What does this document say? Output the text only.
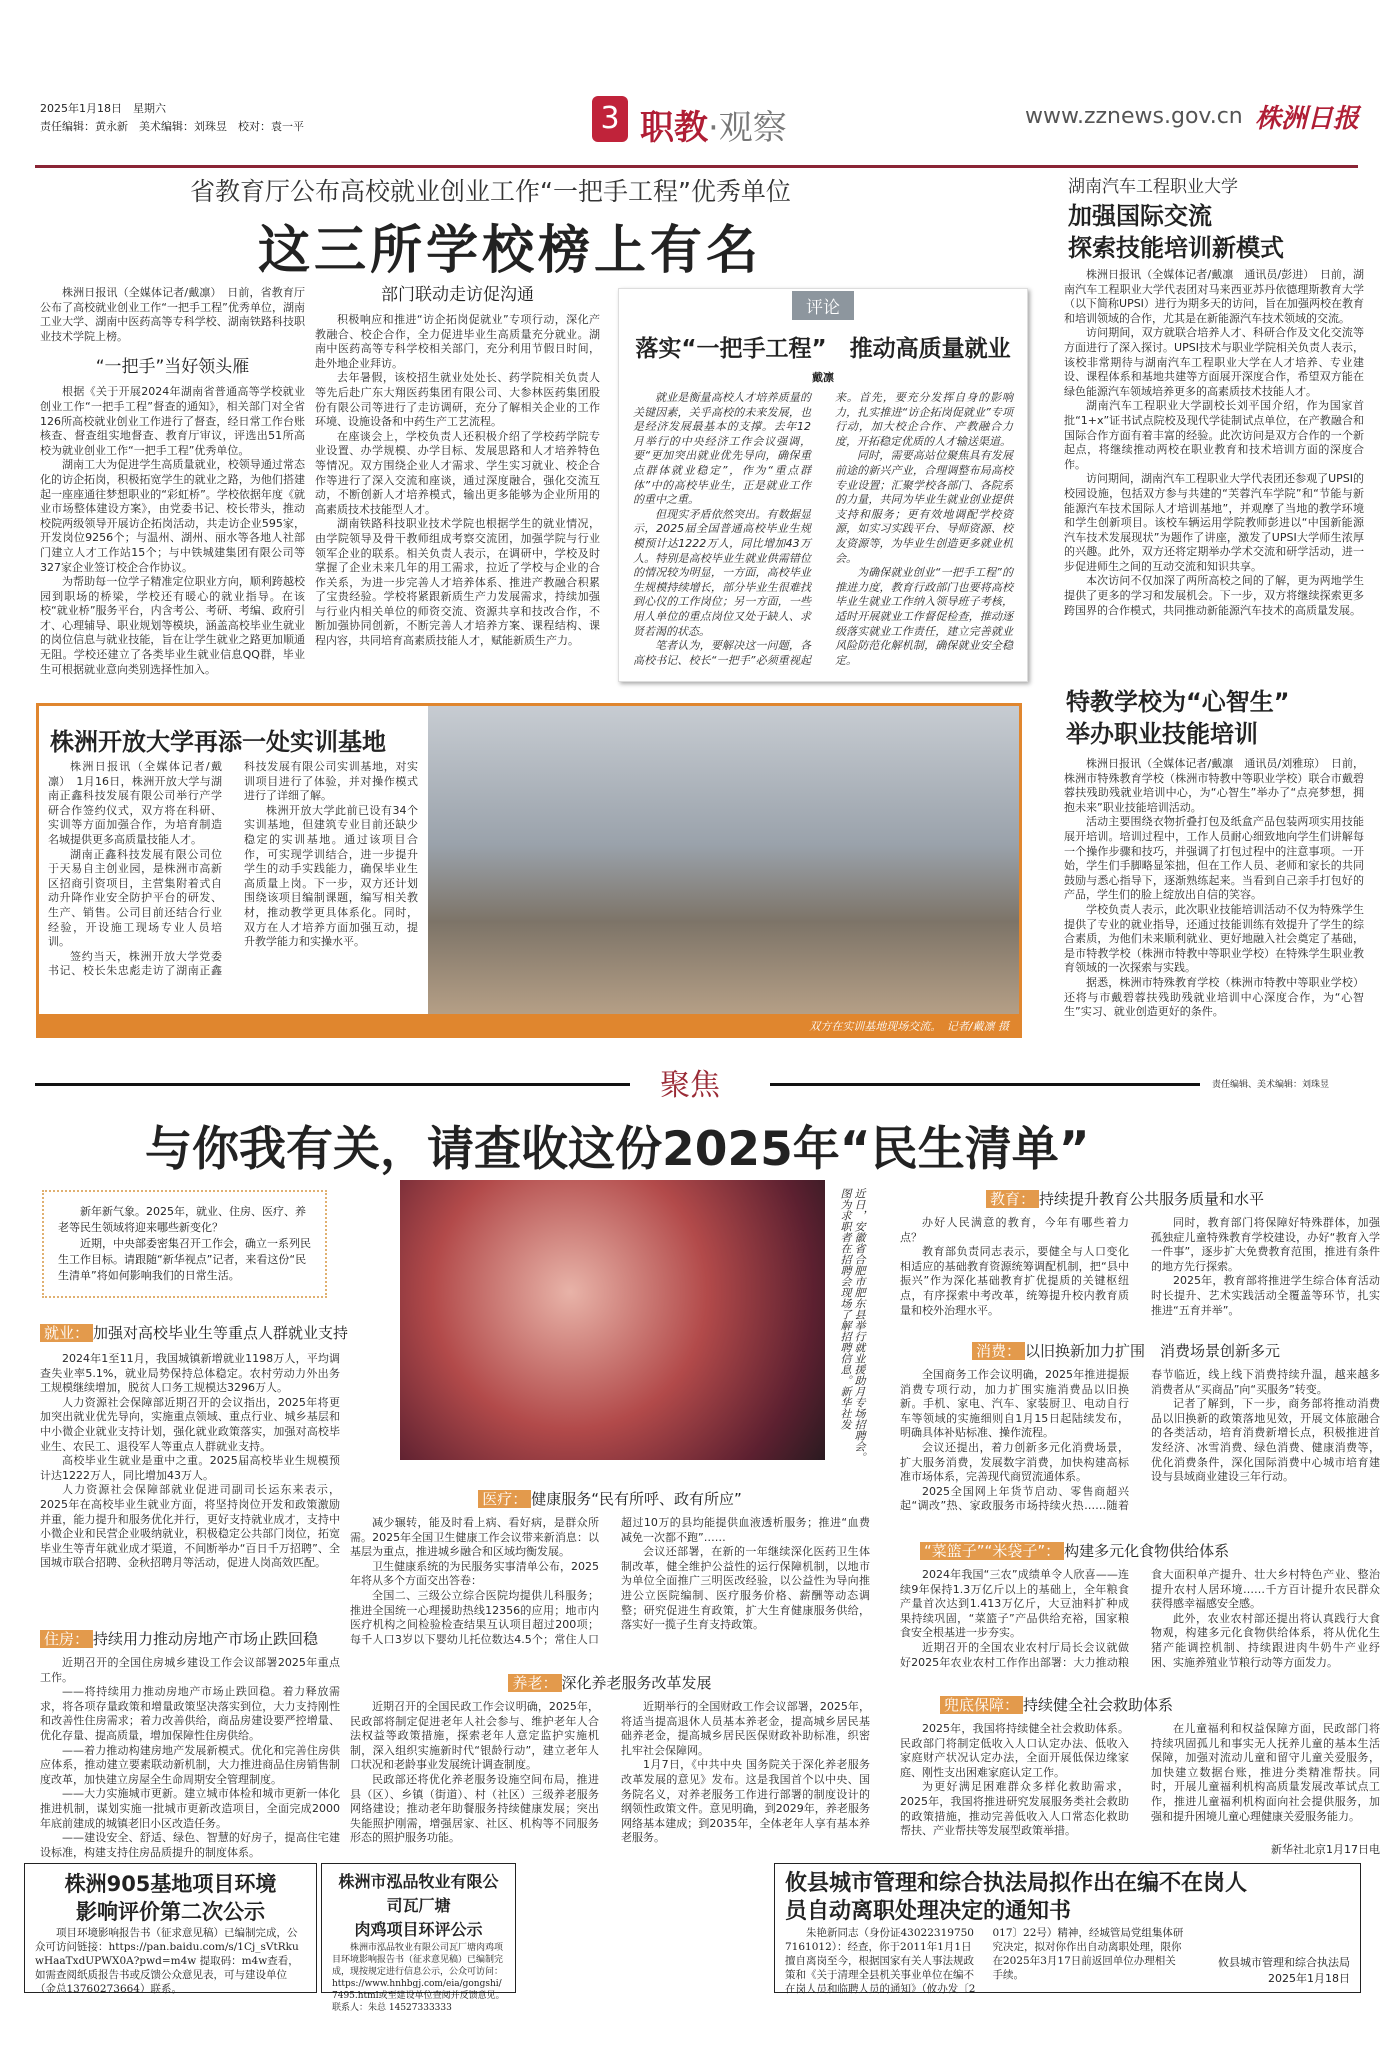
2025年1月18日　星期六
责任编辑：黄永新　美术编辑：刘珠昱　校对：袁一平	3 职教·观察	www.zznews.gov.cn 株洲日报
省教育厅公布高校就业创业工作“一把手工程”优秀单位
这三所学校榜上有名

株洲日报讯（全媒体记者/戴凛）　日前，省教育厅公布了高校就业创业工作“一把手工程”优秀单位，湖南工业大学、湖南中医药高等专科学校、湖南铁路科技职业技术学院上榜。

“一把手”当好领头雁

根据《关于开展2024年湖南省普通高等学校就业创业工作“一把手工程”督查的通知》，相关部门对全省126所高校就业创业工作进行了督查，经日常工作台账核查、督查组实地督查、教育厅审议，评选出51所高校为就业创业工作“一把手工程”优秀单位。

湖南工大为促进学生高质量就业，校领导通过常态化的访企拓岗，积极拓宽学生的就业之路，为他们搭建起一座座通往梦想职业的“彩虹桥”。学校依据年度《就业市场整体建设方案》，由党委书记、校长带头，推动校院两级领导开展访企拓岗活动，共走访企业595家，开发岗位9256个；与温州、湖州、丽水等各地人社部门建立人才工作站15个；与中铁城建集团有限公司等327家企业签订校企合作协议。

为帮助每一位学子精准定位职业方向，顺利跨越校园到职场的桥梁，学校还有暖心的就业指导。在该校“就业桥”服务平台，内含考公、考研、考编、政府引才、心理辅导、职业规划等模块，涵盖高校毕业生就业的岗位信息与就业技能，旨在让学生就业之路更加顺通无阻。学校还建立了各类毕业生就业信息QQ群，毕业生可根据就业意向类别选择性加入。

部门联动走访促沟通

积极响应和推进“访企拓岗促就业”专项行动，深化产教融合、校企合作，全力促进毕业生高质量充分就业。湖南中医药高等专科学校相关部门，充分利用节假日时间，赴外地企业拜访。

去年暑假，该校招生就业处处长、药学院相关负责人等先后赴广东大翔医药集团有限公司、大参林医药集团股份有限公司等进行了走访调研，充分了解相关企业的工作环境、设施设备和中药生产工艺流程。

在座谈会上，学校负责人还积极介绍了学校药学院专业设置、办学规模、办学目标、发展思路和人才培养特色等情况。双方围绕企业人才需求、学生实习就业、校企合作等进行了深入交流和座谈，通过深度融合，强化交流互动，不断创新人才培养模式，输出更多能够为企业所用的高素质技术技能型人才。

湖南铁路科技职业技术学院也根据学生的就业情况，由学院领导及骨干教师组成考察交流团，加强学院与行业领军企业的联系。相关负责人表示，在调研中，学校及时掌握了企业未来几年的用工需求，拉近了学校与企业的合作关系，为进一步完善人才培养体系、推进产教融合积累了宝贵经验。学校将紧跟新质生产力发展需求，持续加强与行业内相关单位的师资交流、资源共享和技改合作，不断加强协同创新，不断完善人才培养方案、课程结构、课程内容，共同培育高素质技能人才，赋能新质生产力。

评论
落实“一把手工程”　推动高质量就业
戴凛

就业是衡量高校人才培养质量的关键因素，关乎高校的未来发展，也是经济发展最基本的支撑。去年12月举行的中央经济工作会议强调，要“更加突出就业优先导向，确保重点群体就业稳定”，作为“重点群体”中的高校毕业生，正是就业工作的重中之重。

但现实矛盾依然突出。有数据显示，2025届全国普通高校毕业生规模预计达1222万人，同比增加43万人。特别是高校毕业生就业供需错位的情况较为明显，一方面，高校毕业生规模持续增长，部分毕业生很难找到心仪的工作岗位；另一方面，一些用人单位的重点岗位又处于缺人、求贤若渴的状态。

笔者认为，要解决这一问题，各高校书记、校长“一把手”必须重视起来。首先，要充分发挥自身的影响力，扎实推进“访企拓岗促就业”专项行动，加大校企合作、产教融合力度，开拓稳定优质的人才输送渠道。

同时，需要高站位聚焦具有发展前途的新兴产业，合理调整布局高校专业设置；汇聚学校各部门、各院系的力量，共同为毕业生就业创业提供支持和服务；更有效地调配学校资源，如实习实践平台、导师资源、校友资源等，为毕业生创造更多就业机会。

为确保就业创业“一把手工程”的推进力度，教育行政部门也要将高校毕业生就业工作纳入领导班子考核，适时开展就业工作督促检查，推动逐级落实就业工作责任，建立完善就业风险防范化解机制，确保就业安全稳定。

湖南汽车工程职业大学
加强国际交流
探索技能培训新模式

株洲日报讯（全媒体记者/戴凛　通讯员/彭进）　日前，湖南汽车工程职业大学代表团对马来西亚苏丹依德理斯教育大学（以下简称UPSI）进行为期多天的访问，旨在加强两校在教育和培训领域的合作，尤其是在新能源汽车技术领域的交流。

访问期间，双方就联合培养人才、科研合作及文化交流等方面进行了深入探讨。UPSI技术与职业学院相关负责人表示，该校非常期待与湖南汽车工程职业大学在人才培养、专业建设、课程体系和基地共建等方面展开深度合作，希望双方能在绿色能源汽车领域培养更多的高素质技术技能人才。

湖南汽车工程职业大学副校长刘平国介绍，作为国家首批“1+x”证书试点院校及现代学徒制试点单位，在产教融合和国际合作方面有着丰富的经验。此次访问是双方合作的一个新起点，将继续推动两校在职业教育和技术培训方面的深度合作。

访问期间，湖南汽车工程职业大学代表团还参观了UPSI的校园设施，包括双方参与共建的“芙蓉汽车学院”和“节能与新能源汽车技术国际人才培训基地”，并观摩了当地的教学环境和学生创新项目。该校车辆运用学院教师彭进以“中国新能源汽车技术发展现状”为题作了讲座，激发了UPSI大学师生浓厚的兴趣。此外，双方还将定期举办学术交流和研学活动，进一步促进师生之间的互动交流和知识共享。

本次访问不仅加深了两所高校之间的了解，更为两地学生提供了更多的学习和发展机会。下一步，双方将继续探索更多跨国界的合作模式，共同推动新能源汽车技术的高质量发展。

特教学校为“心智生”
举办职业技能培训

株洲日报讯（全媒体记者/戴凛　通讯员/刘雅琼）　日前，株洲市特殊教育学校（株洲市特教中等职业学校）联合市戴碧蓉扶残助残就业培训中心，为“心智生”举办了“点亮梦想，拥抱未来”职业技能培训活动。

活动主要围绕衣物折叠打包及纸盒产品包装两项实用技能展开培训。培训过程中，工作人员耐心细致地向学生们讲解每一个操作步骤和技巧，并强调了打包过程中的注意事项。一开始，学生们手脚略显笨拙，但在工作人员、老师和家长的共同鼓励与悉心指导下，逐渐熟练起来。当看到自己亲手打包好的产品，学生们的脸上绽放出自信的笑容。

学校负责人表示，此次职业技能培训活动不仅为特殊学生提供了专业的就业指导，还通过技能训练有效提升了学生的综合素质，为他们未来顺利就业、更好地融入社会奠定了基础，是市特教学校（株洲市特教中等职业学校）在特殊学生职业教育领域的一次探索与实践。

据悉，株洲市特殊教育学校（株洲市特教中等职业学校）还将与市戴碧蓉扶残助残就业培训中心深度合作，为“心智生”实习、就业创造更好的条件。

株洲开放大学再添一处实训基地

株洲日报讯（全媒体记者/戴凛）　1月16日，株洲开放大学与湖南正鑫科技发展有限公司举行产学研合作签约仪式，双方将在科研、实训等方面加强合作，为培育制造名城提供更多高质量技能人才。

湖南正鑫科技发展有限公司位于天易自主创业园，是株洲市高新区招商引资项目，主营集附着式自动升降作业安全防护平台的研发、生产、销售。公司目前还结合行业经验，开设施工现场专业人员培训。

签约当天，株洲开放大学党委书记、校长朱忠彪走访了湖南正鑫科技发展有限公司实训基地，对实训项目进行了体验，并对操作模式进行了详细了解。

株洲开放大学此前已设有34个实训基地，但建筑专业目前还缺少稳定的实训基地。通过该项目合作，可实现学训结合，进一步提升学生的动手实践能力，确保毕业生高质量上岗。下一步，双方还计划围绕该项目编制课题，编写相关教材，推动教学更具体系化。同时，双方在人才培养方面加强互动，提升教学能力和实操水平。

双方在实训基地现场交流。　记者/戴凛 摄
聚焦	责任编辑、美术编辑：刘珠昱
与你我有关，请查收这份2025年“民生清单”

新年新气象。2025年，就业、住房、医疗、养老等民生领域将迎来哪些新变化？

近期，中央部委密集召开工作会，确立一系列民生工作目标。请跟随“新华视点”记者，来看这份“民生清单”将如何影响我们的日常生活。	近日，安徽省合肥市肥东县举行就业援助月专场招聘会。图为求职者在招聘会现场了解招聘信息。新华社发
就业： 加强对高校毕业生等重点人群就业支持

2024年1至11月，我国城镇新增就业1198万人，平均调查失业率5.1%，就业局势保持总体稳定。农村劳动力外出务工规模继续增加，脱贫人口务工规模达3296万人。

人力资源社会保障部近期召开的会议指出，2025年将更加突出就业优先导向，实施重点领域、重点行业、城乡基层和中小微企业就业支持计划，强化就业政策落实，加强对高校毕业生、农民工、退役军人等重点人群就业支持。

高校毕业生就业是重中之重。2025届高校毕业生规模预计达1222万人，同比增加43万人。

人力资源社会保障部就业促进司副司长运东来表示，2025年在高校毕业生就业方面，将坚持岗位开发和政策激励并重，能力提升和服务优化并行，更好支持就业成才，支持中小微企业和民营企业吸纳就业，积极稳定公共部门岗位，拓宽毕业生等青年就业成才渠道，不间断举办“百日千万招聘”、全国城市联合招聘、金秋招聘月等活动，促进人岗高效匹配。

住房： 持续用力推动房地产市场止跌回稳

近期召开的全国住房城乡建设工作会议部署2025年重点工作。

——将持续用力推动房地产市场止跌回稳。着力释放需求，将各项存量政策和增量政策坚决落实到位，大力支持刚性和改善性住房需求；着力改善供给，商品房建设要严控增量、优化存量、提高质量，增加保障性住房供给。

——着力推动构建房地产发展新模式。优化和完善住房供应体系，推动建立要素联动新机制，大力推进商品住房销售制度改革，加快建立房屋全生命周期安全管理制度。

——大力实施城市更新。建立城市体检和城市更新一体化推进机制，谋划实施一批城市更新改造项目，全面完成2000年底前建成的城镇老旧小区改造任务。

——建设安全、舒适、绿色、智慧的好房子，提高住宅建设标准，构建支持住房品质提升的制度体系。

医疗： 健康服务“民有所呼、政有所应”

减少辗转，能及时看上病、看好病，是群众所需。2025年全国卫生健康工作会议带来新消息：以基层为重点，推进城乡融合和区域均衡发展。

卫生健康系统的为民服务实事清单公布，2025年将从多个方面交出答卷：

全国二、三级公立综合医院均提供儿科服务；推进全国统一心理援助热线12356的应用；地市内医疗机构之间检验检查结果互认项目超过200项；每千人口3岁以下婴幼儿托位数达4.5个；常住人口超过10万的县均能提供血液透析服务；推进“血费减免一次都不跑”……

会议还部署，在新的一年继续深化医药卫生体制改革，健全维护公益性的运行保障机制，以地市为单位全面推广三明医改经验，以公益性为导向推进公立医院编制、医疗服务价格、薪酬等动态调整；研究促进生育政策，扩大生育健康服务供给，落实好一揽子生育支持政策。

养老： 深化养老服务改革发展

近期召开的全国民政工作会议明确，2025年，民政部将制定促进老年人社会参与、维护老年人合法权益等政策措施，探索老年人意定监护实施机制，深入组织实施新时代“银龄行动”，建立老年人口状况和老龄事业发展统计调查制度。

民政部还将优化养老服务设施空间布局，推进县（区）、乡镇（街道）、村（社区）三级养老服务网络建设；推动老年助餐服务持续健康发展；突出失能照护刚需，增强居家、社区、机构等不同服务形态的照护服务功能。

近期举行的全国财政工作会议部署，2025年，将适当提高退休人员基本养老金，提高城乡居民基础养老金，提高城乡居民医保财政补助标准，织密扎牢社会保障网。

1月7日，《中共中央 国务院关于深化养老服务改革发展的意见》发布。这是我国首个以中央、国务院名义，对养老服务工作进行部署的制度设计的纲领性政策文件。意见明确，到2029年，养老服务网络基本建成；到2035年，全体老年人享有基本养老服务。

教育： 持续提升教育公共服务质量和水平

办好人民满意的教育，今年有哪些着力点？

教育部负责同志表示，要健全与人口变化相适应的基础教育资源统筹调配机制，把“县中振兴”作为深化基础教育扩优提质的关键枢纽点，有序探索中考改革，统筹提升校内教育质量和校外治理水平。

同时，教育部门将保障好特殊群体，加强孤独症儿童特殊教育学校建设，办好“教育入学一件事”，逐步扩大免费教育范围，推进有条件的地方先行探索。

2025年，教育部将推进学生综合体育活动时长提升、艺术实践活动全覆盖等环节，扎实推进“五育并举”。

消费： 以旧换新加力扩围　消费场景创新多元

全国商务工作会议明确，2025年推进提振消费专项行动，加力扩围实施消费品以旧换新。手机、家电、汽车、家装厨卫、电动自行车等领域的实施细则自1月15日起陆续发布，明确具体补贴标准、操作流程。

会议还提出，着力创新多元化消费场景，扩大服务消费，发展数字消费，加快构建高标准市场体系，完善现代商贸流通体系。

2025全国网上年货节启动、零售商超兴起“调改”热、家政服务市场持续火热……随着春节临近，线上线下消费持续升温，越来越多消费者从“买商品”向“买服务”转变。

记者了解到，下一步，商务部将推动消费品以旧换新的政策落地见效，开展文体旅融合的各类活动，培育消费新增长点，积极推进首发经济、冰雪消费、绿色消费、健康消费等，优化消费条件，深化国际消费中心城市培育建设与县域商业建设三年行动。

“菜篮子”“米袋子”： 构建多元化食物供给体系

2024年我国“三农”成绩单令人欣喜——连续9年保持1.3万亿斤以上的基础上，全年粮食产量首次达到1.413万亿斤，大豆油料扩种成果持续巩固，“菜篮子”产品供给充裕，国家粮食安全根基进一步夯实。

近期召开的全国农业农村厅局长会议就做好2025年农业农村工作作出部署：大力推动粮食大面积单产提升、壮大乡村特色产业、整治提升农村人居环境……千方百计提升农民群众获得感幸福感安全感。

此外，农业农村部还提出将认真践行大食物观，构建多元化食物供给体系，将从优化生猪产能调控机制、持续跟进肉牛奶牛产业纾困、实施养殖业节粮行动等方面发力。

兜底保障： 持续健全社会救助体系

2025年，我国将持续健全社会救助体系。民政部门将制定低收入人口认定办法、低收入家庭财产状况认定办法，全面开展低保边缘家庭、刚性支出困难家庭认定工作。

为更好满足困难群众多样化救助需求，2025年，我国将推进研究发展服务类社会救助的政策措施，推动完善低收入人口常态化救助帮扶、产业帮扶等发展型政策举措。

在儿童福利和权益保障方面，民政部门将持续巩固孤儿和事实无人抚养儿童的基本生活保障，加强对流动儿童和留守儿童关爱服务，加快建立数据台账，推进分类精准帮扶。同时，开展儿童福利机构高质量发展改革试点工作，推进儿童福利机构面向社会提供服务，加强和提升困境儿童心理健康关爱服务能力。

新华社北京1月17日电
株洲905基地项目环境
影响评价第二次公示

项目环境影响报告书（征求意见稿）已编制完成，公众可访问链接：https://pan.baidu.com/s/1Cj_sVtRkuwHaaTxdUPWX0A?pwd=m4w 提取码：m4w查看，如需查阅纸质报告书或反馈公众意见表，可与建设单位（金总13760273664）联系。

株洲市泓品牧业有限公司瓦厂塘
肉鸡项目环评公示

株洲市泓品牧业有限公司瓦厂塘肉鸡项目环境影响报告书（征求意见稿）已编制完成，现按规定进行信息公示，公众可访问：https://www.hnhbgj.com/eia/gongshi/7495.html或至建设单位查阅并反馈意见。联系人：朱总 14527333333

攸县城市管理和综合执法局拟作出在编不在岗人
员自动离职处理决定的通知书

朱艳新同志（身份证430223197507161012）：经查，你于2011年1月1日擅自离岗至今，根据国家有关人事法规政策和《关于清理全县机关事业单位在编不在岗人员和临聘人员的通知》（攸办发〔2017〕22号）精神，经城管局党组集体研究决定，拟对你作出自动离职处理，限你在2025年3月17日前返回单位办理相关手续。

攸县城市管理和综合执法局
2025年1月18日
